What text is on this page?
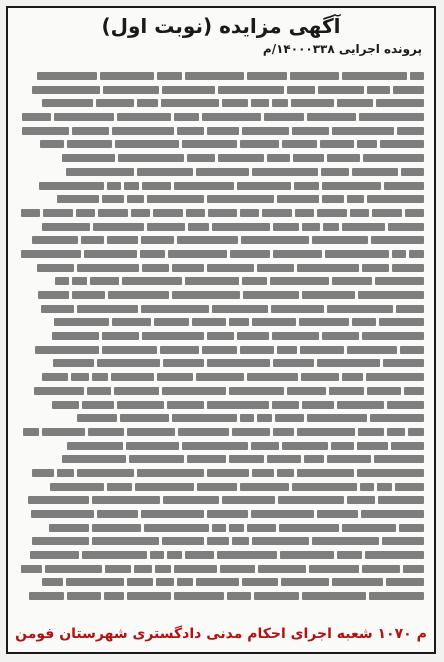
آگهی مزایده (نوبت اول)
پرونده اجرایی ۱۴۰۰۰۳۳۸/م
م ۱۰۷۰ شعبه اجرای احکام مدنی دادگستری شهرستان فومن
